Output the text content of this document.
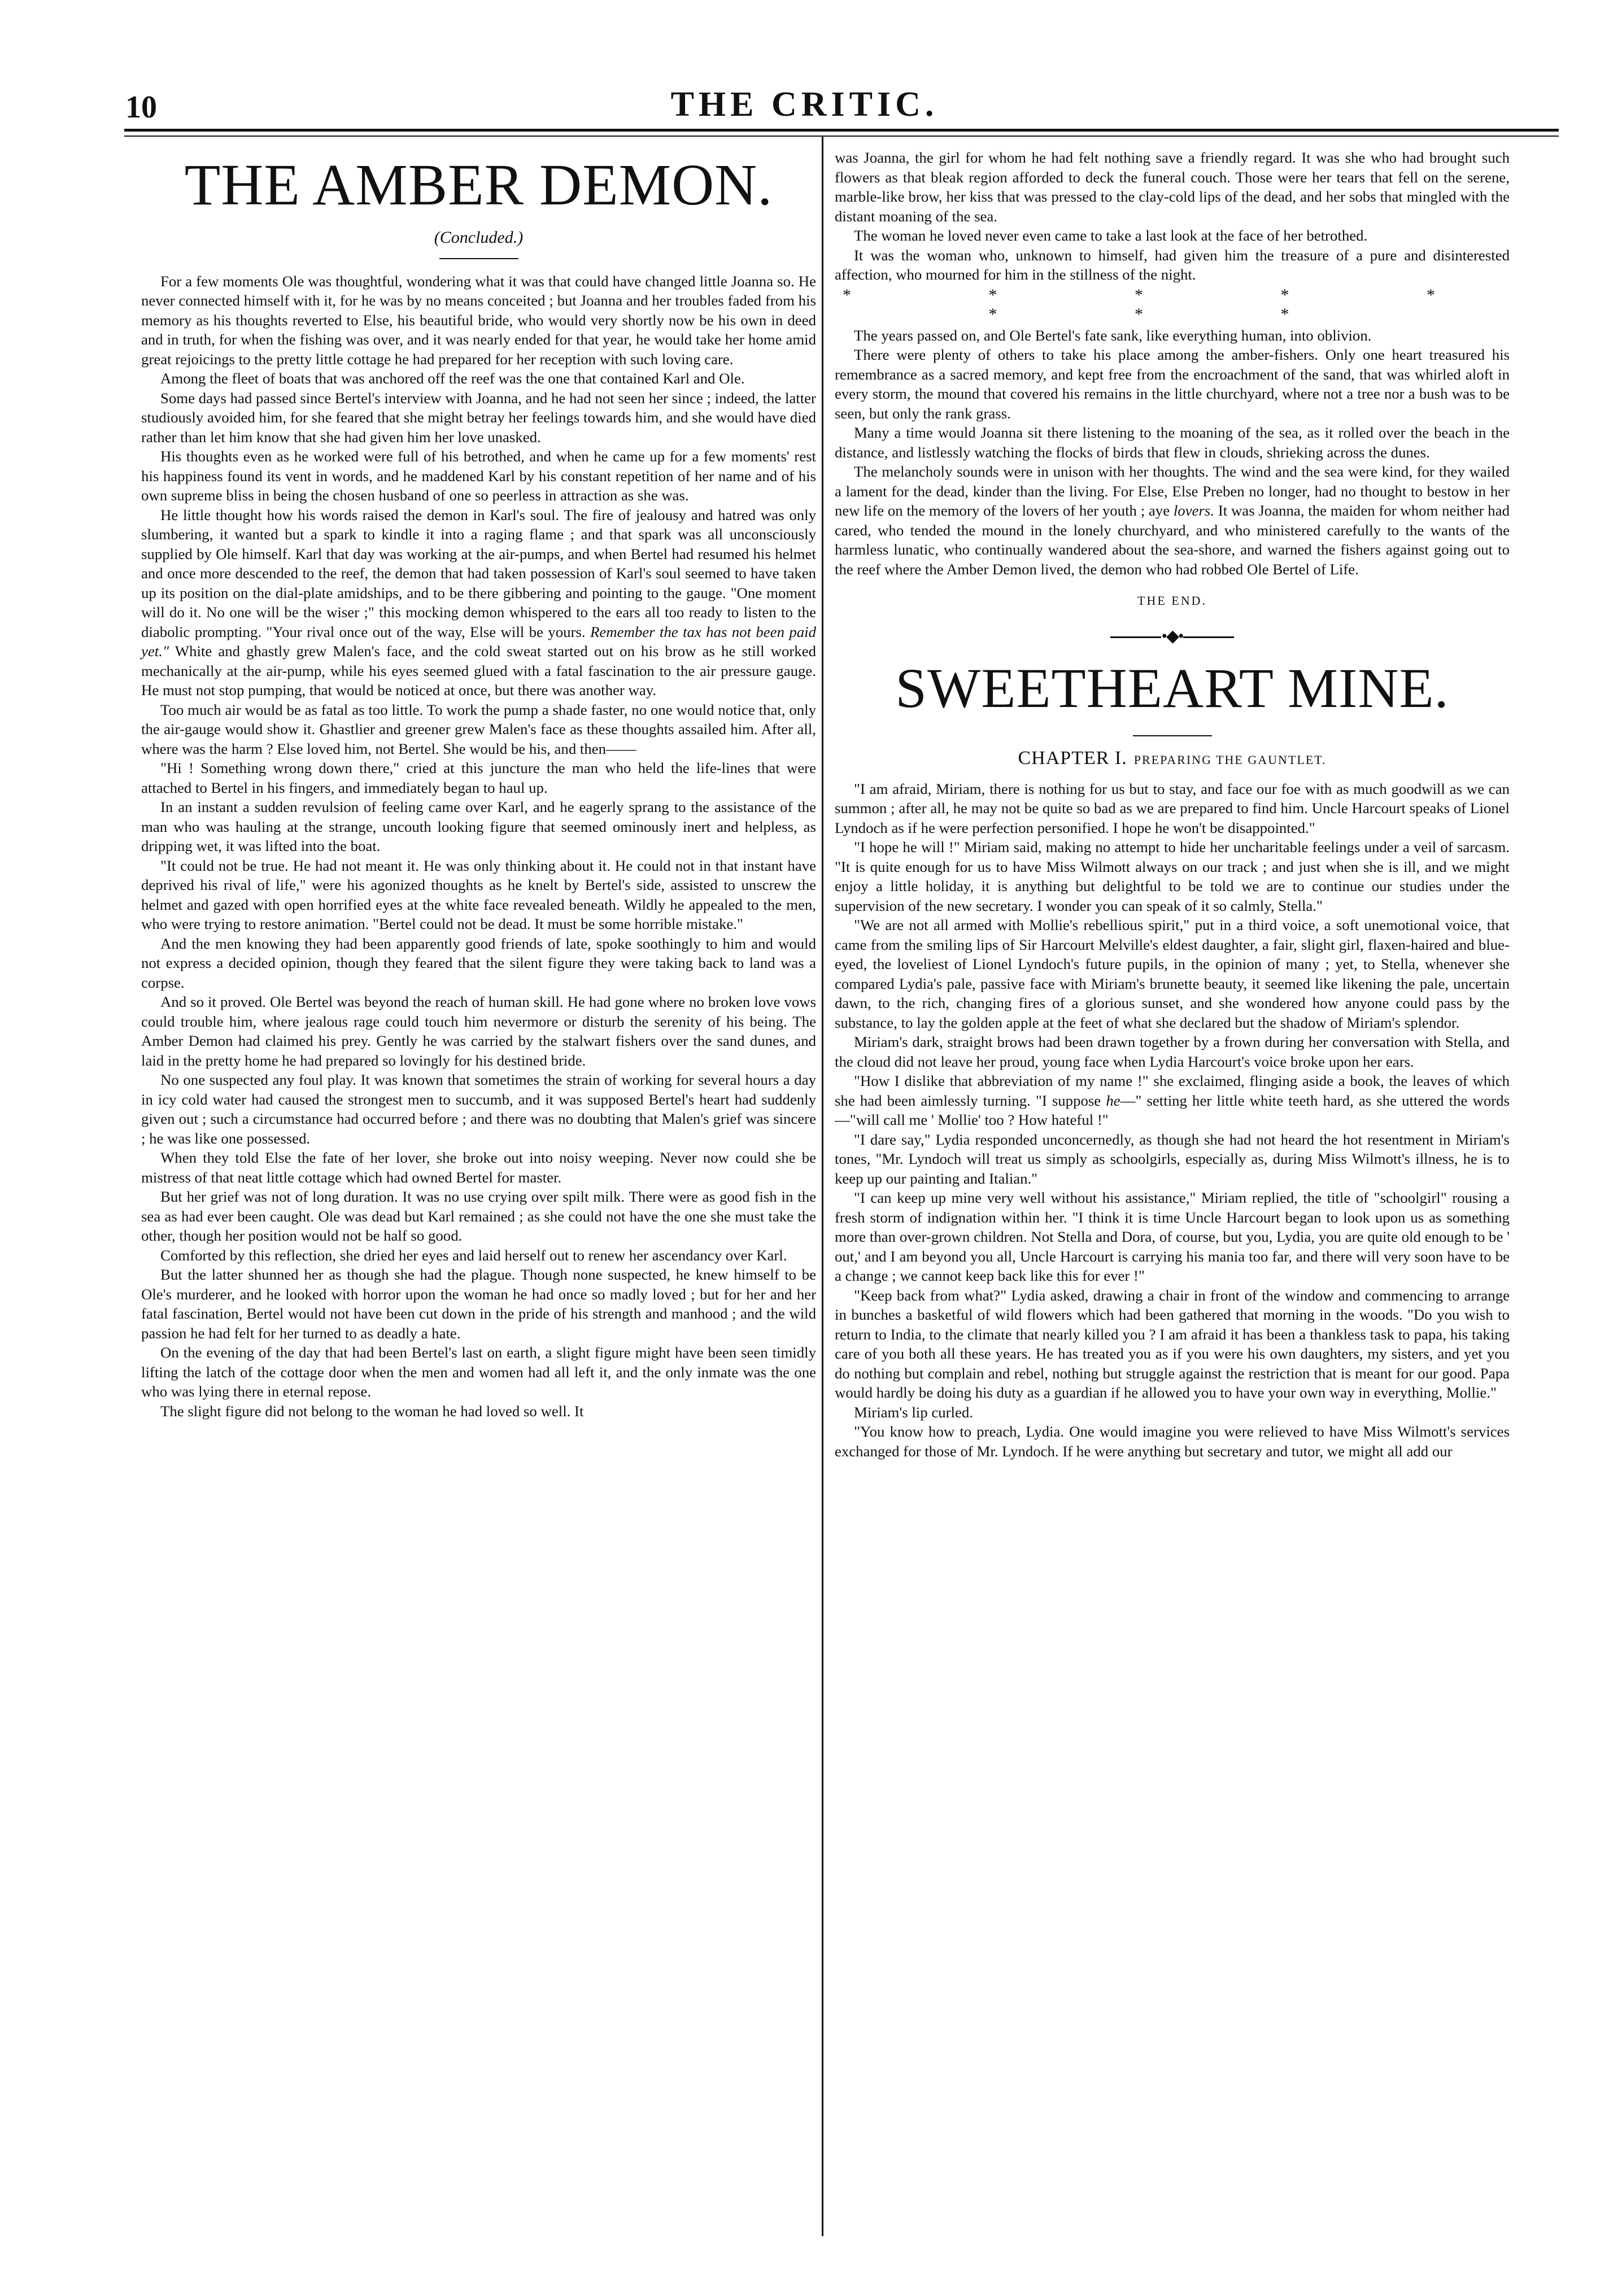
10	THE CRITIC.
THE AMBER DEMON.
(Concluded.)

For a few moments Ole was thoughtful, wondering what it was that could have changed little Joanna so. He never connected himself with it, for he was by no means conceited ; but Joanna and her troubles faded from his memory as his thoughts reverted to Else, his beautiful bride, who would very shortly now be his own in deed and in truth, for when the fishing was over, and it was nearly ended for that year, he would take her home amid great rejoicings to the pretty little cottage he had prepared for her reception with such loving care.

Among the fleet of boats that was anchored off the reef was the one that contained Karl and Ole.

Some days had passed since Bertel's interview with Joanna, and he had not seen her since ; indeed, the latter studiously avoided him, for she feared that she might betray her feelings towards him, and she would have died rather than let him know that she had given him her love unasked.

His thoughts even as he worked were full of his betrothed, and when he came up for a few moments' rest his happiness found its vent in words, and he maddened Karl by his constant repetition of her name and of his own supreme bliss in being the chosen husband of one so peerless in attraction as she was.

He little thought how his words raised the demon in Karl's soul. The fire of jealousy and hatred was only slumbering, it wanted but a spark to kindle it into a raging flame ; and that spark was all unconsciously supplied by Ole himself. Karl that day was working at the air-pumps, and when Bertel had resumed his helmet and once more descended to the reef, the demon that had taken possession of Karl's soul seemed to have taken up its position on the dial-plate amidships, and to be there gibbering and pointing to the gauge. "One moment will do it. No one will be the wiser ;" this mocking demon whispered to the ears all too ready to listen to the diabolic prompting. "Your rival once out of the way, Else will be yours. Remember the tax has not been paid yet." White and ghastly grew Malen's face, and the cold sweat started out on his brow as he still worked mechanically at the air-pump, while his eyes seemed glued with a fatal fascination to the air pressure gauge. He must not stop pumping, that would be noticed at once, but there was another way.

Too much air would be as fatal as too little. To work the pump a shade faster, no one would notice that, only the air-gauge would show it. Ghastlier and greener grew Malen's face as these thoughts assailed him. After all, where was the harm ? Else loved him, not Bertel. She would be his, and then——

"Hi ! Something wrong down there," cried at this juncture the man who held the life-lines that were attached to Bertel in his fingers, and immediately began to haul up.

In an instant a sudden revulsion of feeling came over Karl, and he eagerly sprang to the assistance of the man who was hauling at the strange, uncouth looking figure that seemed ominously inert and helpless, as dripping wet, it was lifted into the boat.

"It could not be true. He had not meant it. He was only thinking about it. He could not in that instant have deprived his rival of life," were his agonized thoughts as he knelt by Bertel's side, assisted to unscrew the helmet and gazed with open horrified eyes at the white face revealed beneath. Wildly he appealed to the men, who were trying to restore animation. "Bertel could not be dead. It must be some horrible mistake."

And the men knowing they had been apparently good friends of late, spoke soothingly to him and would not express a decided opinion, though they feared that the silent figure they were taking back to land was a corpse.

And so it proved. Ole Bertel was beyond the reach of human skill. He had gone where no broken love vows could trouble him, where jealous rage could touch him nevermore or disturb the serenity of his being. The Amber Demon had claimed his prey. Gently he was carried by the stalwart fishers over the sand dunes, and laid in the pretty home he had prepared so lovingly for his destined bride.

No one suspected any foul play. It was known that sometimes the strain of working for several hours a day in icy cold water had caused the strongest men to succumb, and it was supposed Bertel's heart had suddenly given out ; such a circumstance had occurred before ; and there was no doubting that Malen's grief was sincere ; he was like one possessed.

When they told Else the fate of her lover, she broke out into noisy weeping. Never now could she be mistress of that neat little cottage which had owned Bertel for master.

But her grief was not of long duration. It was no use crying over spilt milk. There were as good fish in the sea as had ever been caught. Ole was dead but Karl remained ; as she could not have the one she must take the other, though her position would not be half so good.

Comforted by this reflection, she dried her eyes and laid herself out to renew her ascendancy over Karl.

But the latter shunned her as though she had the plague. Though none suspected, he knew himself to be Ole's murderer, and he looked with horror upon the woman he had once so madly loved ; but for her and her fatal fascination, Bertel would not have been cut down in the pride of his strength and manhood ; and the wild passion he had felt for her turned to as deadly a hate.

On the evening of the day that had been Bertel's last on earth, a slight figure might have been seen timidly lifting the latch of the cottage door when the men and women had all left it, and the only inmate was the one who was lying there in eternal repose.

The slight figure did not belong to the woman he had loved so well. It

was Joanna, the girl for whom he had felt nothing save a friendly regard. It was she who had brought such flowers as that bleak region afforded to deck the funeral couch. Those were her tears that fell on the serene, marble-like brow, her kiss that was pressed to the clay-cold lips of the dead, and her sobs that mingled with the distant moaning of the sea.

The woman he loved never even came to take a last look at the face of her betrothed.

It was the woman who, unknown to himself, had given him the treasure of a pure and disinterested affection, who mourned for him in the stillness of the night.

* * * * * * * *

The years passed on, and Ole Bertel's fate sank, like everything human, into oblivion.

There were plenty of others to take his place among the amber-fishers. Only one heart treasured his remembrance as a sacred memory, and kept free from the encroachment of the sand, that was whirled aloft in every storm, the mound that covered his remains in the little churchyard, where not a tree nor a bush was to be seen, but only the rank grass.

Many a time would Joanna sit there listening to the moaning of the sea, as it rolled over the beach in the distance, and listlessly watching the flocks of birds that flew in clouds, shrieking across the dunes.

The melancholy sounds were in unison with her thoughts. The wind and the sea were kind, for they wailed a lament for the dead, kinder than the living. For Else, Else Preben no longer, had no thought to bestow in her new life on the memory of the lovers of her youth ; aye lovers. It was Joanna, the maiden for whom neither had cared, who tended the mound in the lonely churchyard, and who ministered carefully to the wants of the harmless lunatic, who continually wandered about the sea-shore, and warned the fishers against going out to the reef where the Amber Demon lived, the demon who had robbed Ole Bertel of Life.

THE END.
•◆•
SWEETHEART MINE.
CHAPTER I. PREPARING THE GAUNTLET.

"I am afraid, Miriam, there is nothing for us but to stay, and face our foe with as much goodwill as we can summon ; after all, he may not be quite so bad as we are prepared to find him. Uncle Harcourt speaks of Lionel Lyndoch as if he were perfection personified. I hope he won't be disappointed."

"I hope he will !" Miriam said, making no attempt to hide her uncharitable feelings under a veil of sarcasm. "It is quite enough for us to have Miss Wilmott always on our track ; and just when she is ill, and we might enjoy a little holiday, it is anything but delightful to be told we are to continue our studies under the supervision of the new secretary. I wonder you can speak of it so calmly, Stella."

"We are not all armed with Mollie's rebellious spirit," put in a third voice, a soft unemotional voice, that came from the smiling lips of Sir Harcourt Melville's eldest daughter, a fair, slight girl, flaxen-haired and blue-eyed, the loveliest of Lionel Lyndoch's future pupils, in the opinion of many ; yet, to Stella, whenever she compared Lydia's pale, passive face with Miriam's brunette beauty, it seemed like likening the pale, uncertain dawn, to the rich, changing fires of a glorious sunset, and she wondered how anyone could pass by the substance, to lay the golden apple at the feet of what she declared but the shadow of Miriam's splendor.

Miriam's dark, straight brows had been drawn together by a frown during her conversation with Stella, and the cloud did not leave her proud, young face when Lydia Harcourt's voice broke upon her ears.

"How I dislike that abbreviation of my name !" she exclaimed, flinging aside a book, the leaves of which she had been aimlessly turning. "I suppose he—" setting her little white teeth hard, as she uttered the words—"will call me ' Mollie' too ? How hateful !"

"I dare say," Lydia responded unconcernedly, as though she had not heard the hot resentment in Miriam's tones, "Mr. Lyndoch will treat us simply as schoolgirls, especially as, during Miss Wilmott's illness, he is to keep up our painting and Italian."

"I can keep up mine very well without his assistance," Miriam replied, the title of "schoolgirl" rousing a fresh storm of indignation within her. "I think it is time Uncle Harcourt began to look upon us as something more than over-grown children. Not Stella and Dora, of course, but you, Lydia, you are quite old enough to be ' out,' and I am beyond you all, Uncle Harcourt is carrying his mania too far, and there will very soon have to be a change ; we cannot keep back like this for ever !"

"Keep back from what?" Lydia asked, drawing a chair in front of the window and commencing to arrange in bunches a basketful of wild flowers which had been gathered that morning in the woods. "Do you wish to return to India, to the climate that nearly killed you ? I am afraid it has been a thankless task to papa, his taking care of you both all these years. He has treated you as if you were his own daughters, my sisters, and yet you do nothing but complain and rebel, nothing but struggle against the restriction that is meant for our good. Papa would hardly be doing his duty as a guardian if he allowed you to have your own way in everything, Mollie."

Miriam's lip curled.

"You know how to preach, Lydia. One would imagine you were relieved to have Miss Wilmott's services exchanged for those of Mr. Lyndoch. If he were anything but secretary and tutor, we might all add our
